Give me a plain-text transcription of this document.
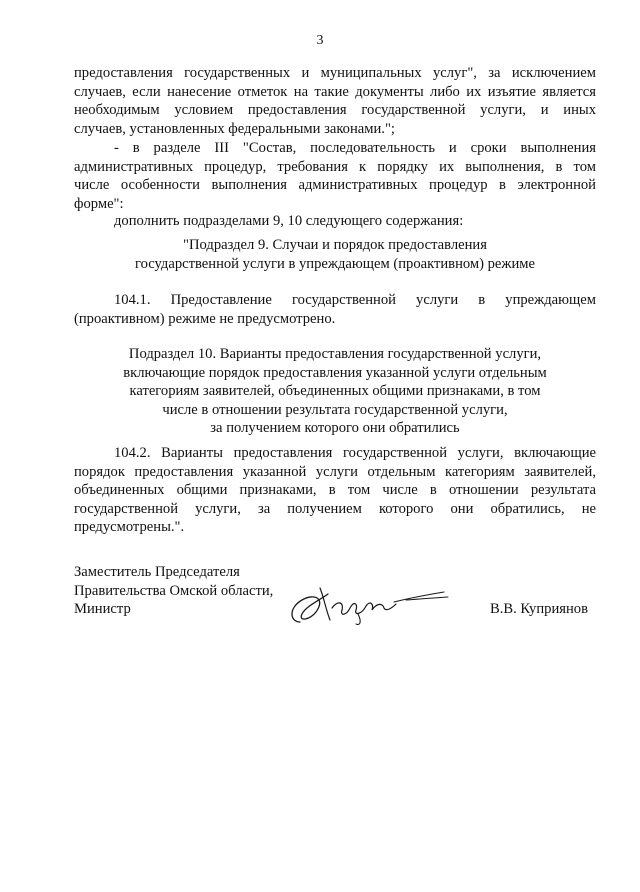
3
предоставления государственных и муниципальных услуг", за исключением
случаев, если нанесение отметок на такие документы либо их изъятие является
необходимым условием предоставления государственной услуги, и иных
случаев, установленных федеральными законами.";
- в разделе III "Состав, последовательность и сроки выполнения
административных процедур, требования к порядку их выполнения, в том
числе особенности выполнения административных процедур в электронной
форме":
дополнить подразделами 9, 10 следующего содержания:
"Подраздел 9. Случаи и порядок предоставления
государственной услуги в упреждающем (проактивном) режиме
104.1. Предоставление государственной услуги в упреждающем
(проактивном) режиме не предусмотрено.
Подраздел 10. Варианты предоставления государственной услуги,
включающие порядок предоставления указанной услуги отдельным
категориям заявителей, объединенных общими признаками, в том
числе в отношении результата государственной услуги,
за получением которого они обратились
104.2. Варианты предоставления государственной услуги, включающие
порядок предоставления указанной услуги отдельным категориям заявителей,
объединенных общими признаками, в том числе в отношении результата
государственной услуги, за получением которого они обратились, не
предусмотрены.".
Заместитель Председателя
Правительства Омской области,
Министр	В.В. Куприянов
